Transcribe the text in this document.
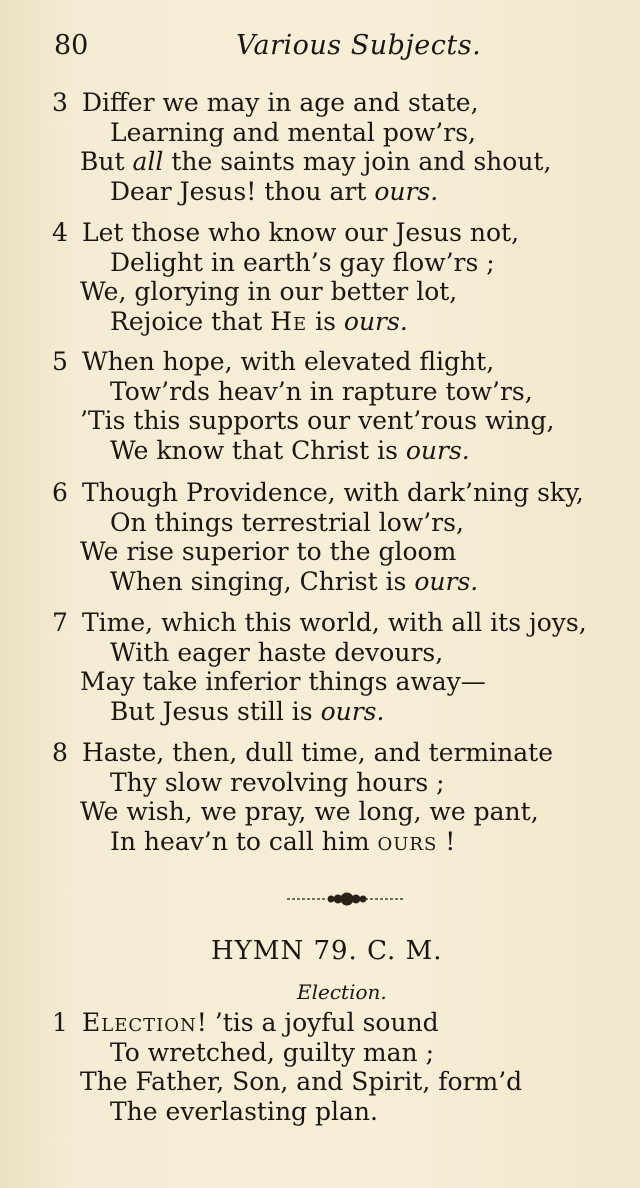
80	Various Subjects.
3 Differ we may in age and state,
Learning and mental pow’rs,
But all the saints may join and shout,
Dear Jesus! thou art ours.
4 Let those who know our Jesus not,
Delight in earth’s gay flow’rs ;
We, glorying in our better lot,
Rejoice that He is ours.
5 When hope, with elevated flight,
Tow’rds heav’n in rapture tow’rs,
’Tis this supports our vent’rous wing,
We know that Christ is ours.
6 Though Providence, with dark’ning sky,
On things terrestrial low’rs,
We rise superior to the gloom
When singing, Christ is ours.
7 Time, which this world, with all its joys,
With eager haste devours,
May take inferior things away—
But Jesus still is ours.
8 Haste, then, dull time, and terminate
Thy slow revolving hours ;
We wish, we pray, we long, we pant,
In heav’n to call him ours !
1 Election! ’tis a joyful sound
To wretched, guilty man ;
The Father, Son, and Spirit, form’d
The everlasting plan.
HYMN 79. C. M.
Election.
